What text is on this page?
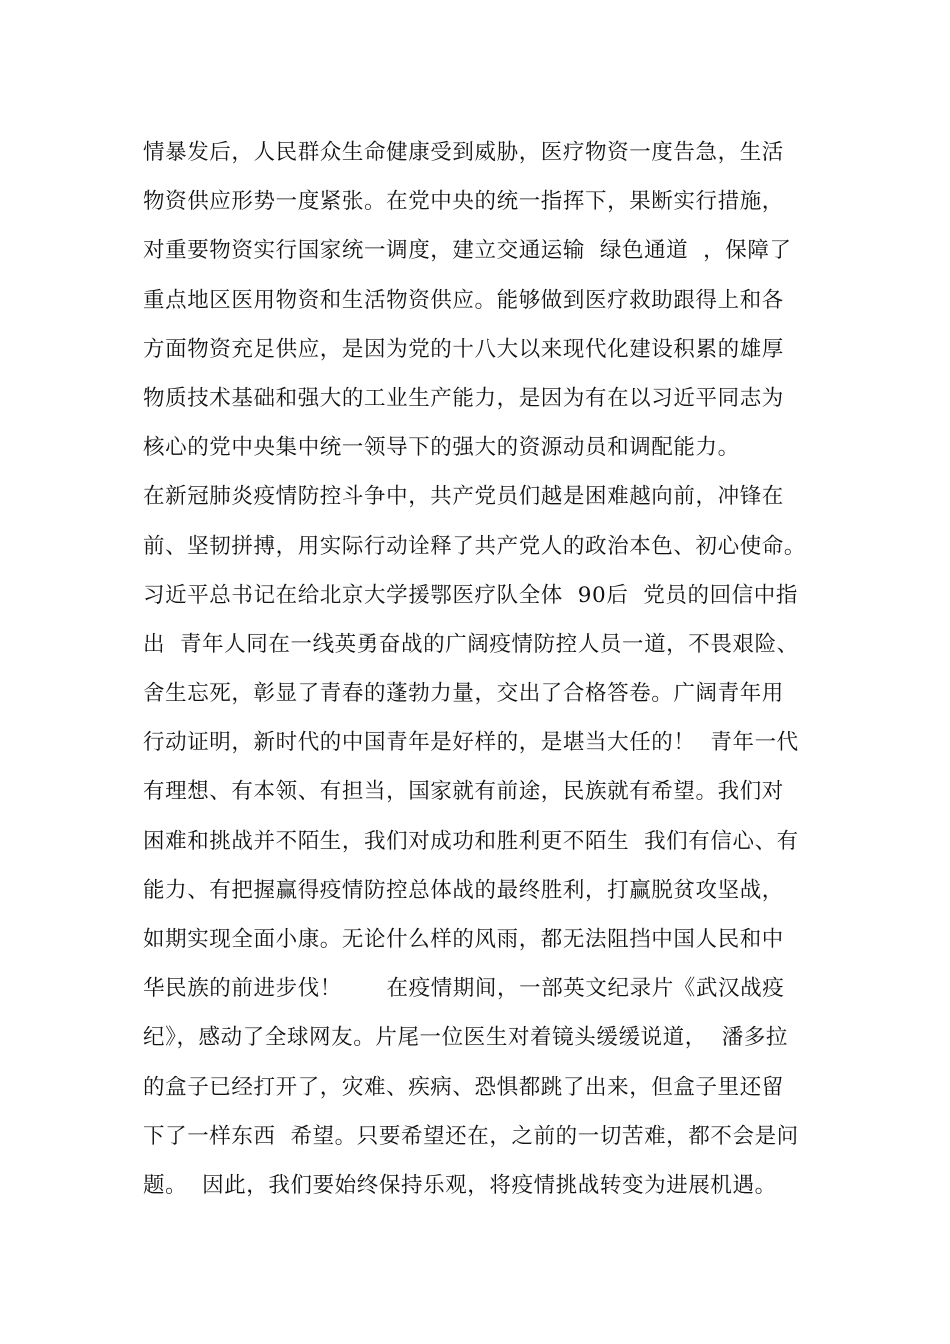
情暴发后，人民群众生命健康受到威胁，医疗物资一度告急，生活
物资供应形势一度紧张。在党中央的统一指挥下，果断实行措施，
对重要物资实行国家统一调度，建立交通运输  绿色通道  ，保障了
重点地区医用物资和生活物资供应。能够做到医疗救助跟得上和各
方面物资充足供应，是因为党的十八大以来现代化建设积累的雄厚
物质技术基础和强大的工业生产能力，是因为有在以习近平同志为
核心的党中央集中统一领导下的强大的资源动员和调配能力。
在新冠肺炎疫情防控斗争中，共产党员们越是困难越向前，冲锋在
前、坚韧拼搏，用实际行动诠释了共产党人的政治本色、初心使命。
习近平总书记在给北京大学援鄂医疗队全体  90后  党员的回信中指
出  青年人同在一线英勇奋战的广阔疫情防控人员一道，不畏艰险、
舍生忘死，彰显了青春的蓬勃力量，交出了合格答卷。广阔青年用
行动证明，新时代的中国青年是好样的，是堪当大任的！  青年一代
有理想、有本领、有担当，国家就有前途，民族就有希望。我们对
困难和挑战并不陌生，我们对成功和胜利更不陌生  我们有信心、有
能力、有把握赢得疫情防控总体战的最终胜利，打赢脱贫攻坚战，
如期实现全面小康。无论什么样的风雨，都无法阻挡中国人民和中
华民族的前进步伐！      在疫情期间，一部英文纪录片《武汉战疫
纪》，感动了全球网友。片尾一位医生对着镜头缓缓说道，  潘多拉
的盒子已经打开了，灾难、疾病、恐惧都跳了出来，但盒子里还留
下了一样东西  希望。只要希望还在，之前的一切苦难，都不会是问
题。  因此，我们要始终保持乐观，将疫情挑战转变为进展机遇。
